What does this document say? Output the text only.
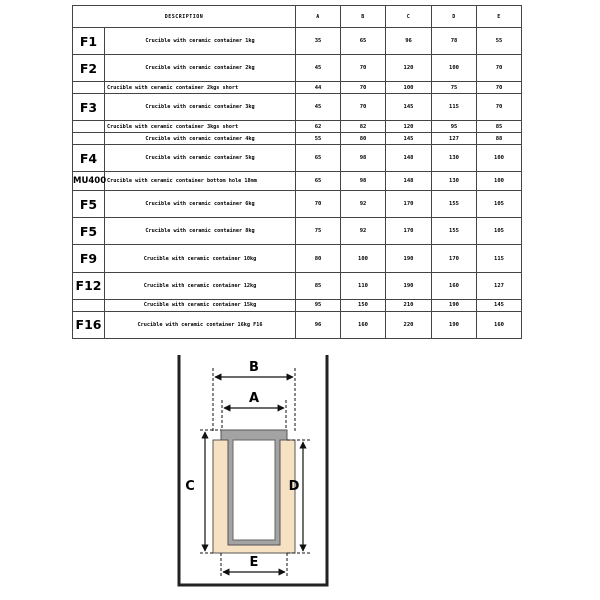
DESCRIPTION		A	B	C	D	E
F1	Crucible with ceramic container 1kg	35	65	96	78	55
F2	Crucible with ceramic container 2kg	45	70	120	100	70
	Crucible with ceramic container 2kgs short	44	70	100	75	70
F3	Crucible with ceramic container 3kg	45	70	145	115	70
	Crucible with ceramic container 3kgs short	62	82	120	95	85
	Crucible with ceramic container 4kg	55	80	145	127	88
F4	Crucible with ceramic container 5kg	65	98	148	130	100
MU400	Crucible with ceramic container bottom hole 18mm	65	98	148	130	100
F5	Crucible with ceramic container 6kg	70	92	170	155	105
F5	Crucible with ceramic container 8kg	75	92	170	155	105
F9	Crucible with ceramic container 10kg	80	100	190	170	115
F12	Crucible with ceramic container 12kg	85	110	190	160	127
	Crucible with ceramic container 15kg	95	150	210	190	145
F16	Crucible with ceramic container 16kg F16	96	160	220	190	160
B
A
C	D
E
